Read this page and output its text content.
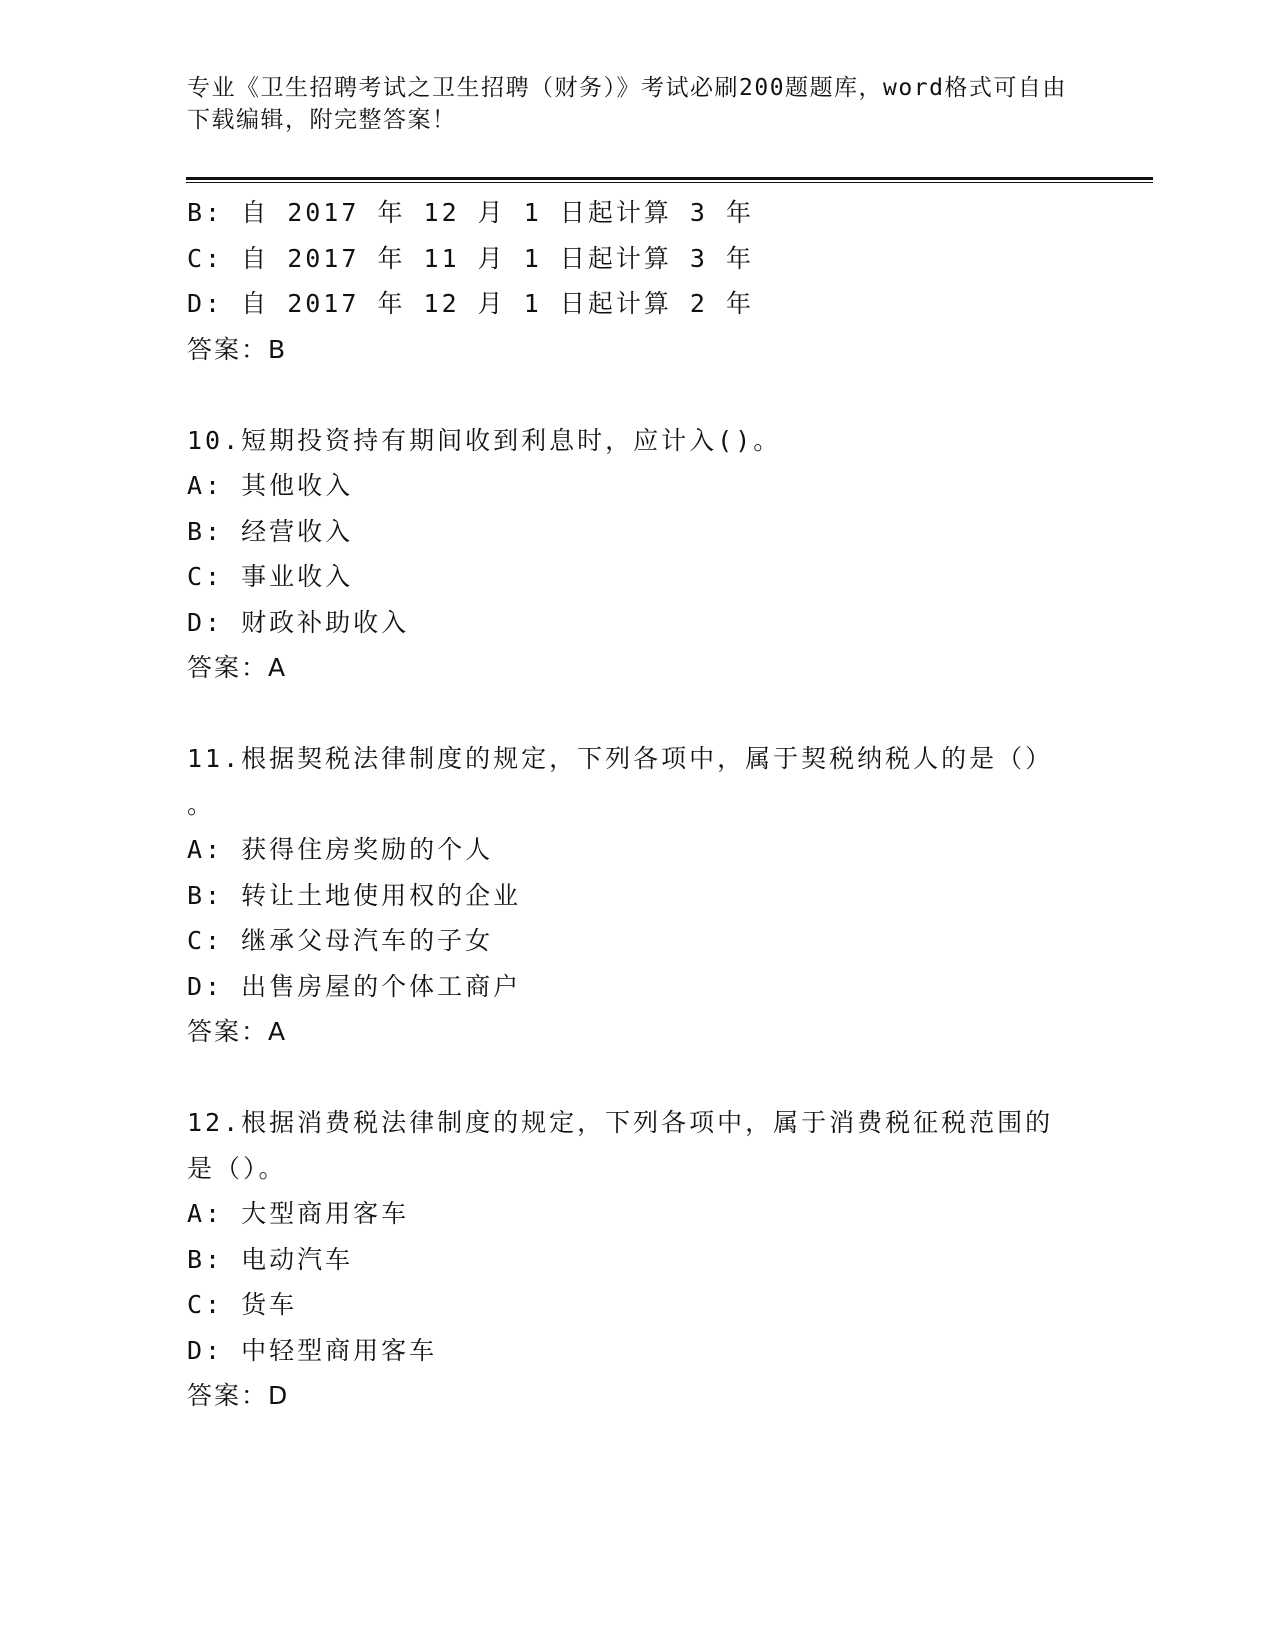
专业《卫生招聘考试之卫生招聘（财务）》考试必刷200题题库，word格式可自由下载编辑，附完整答案！
B: 自 2017 年 12 月 1 日起计算 3 年
C: 自 2017 年 11 月 1 日起计算 3 年
D: 自 2017 年 12 月 1 日起计算 2 年
答案：B
10.短期投资持有期间收到利息时，应计入()。
A: 其他收入
B: 经营收入
C: 事业收入
D: 财政补助收入
答案：A
11.根据契税法律制度的规定，下列各项中，属于契税纳税人的是（）
。
A: 获得住房奖励的个人
B: 转让土地使用权的企业
C: 继承父母汽车的子女
D: 出售房屋的个体工商户
答案：A
12.根据消费税法律制度的规定，下列各项中，属于消费税征税范围的
是（）。
A: 大型商用客车
B: 电动汽车
C: 货车
D: 中轻型商用客车
答案：D
